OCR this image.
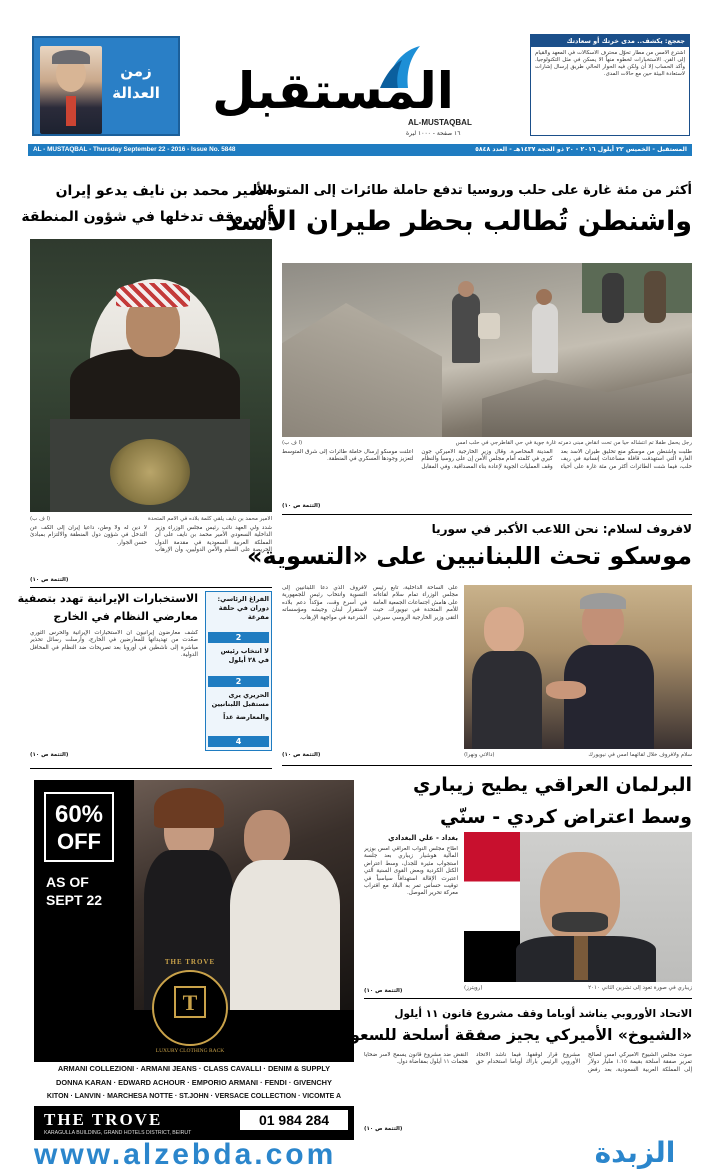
زمن العدالة المستقبل
AL-MUSTAQBAL
١٦ صفحة - ١٠٠٠ ليرة
جعجع: يكشف.. مدى خرتك أو سعادتك
اشترع الأمس من مطار تحوّل محترف الاسكالات في المعهد والقيام إلى الفن. الاستخبارات لخطوه منهاً الا يسكن في مثل التكنولوجيا. وأكد الحساب إلا أن ولكن فيه الحوار الحالي طريق إرسال إشارات لاستعادة البيئة حين مع حالات المدى.
AL - MUSTAQBAL - Thursday September 22 - 2016 - Issue No. 5848	المستقبل - الخميس ٢٢ أيلول ٢٠١٦ - ٢٠ ذو الحجة ١٤٣٧هـ - العدد ٥٨٤٨
أكثر من مئة غارة على حلب وروسيا تدفع حاملة طائرات إلى المتوسط
واشنطن تُطالب بحظر طيران الأسد
رجل يحمل طفلاً تم انتشاله حياً من تحت أنقاض مبنى دمرته غارة جوية في حي القاطرجي في حلب أمس
(أ ف ب)
طلبت واشنطن من موسكو منع تحليق طيران الأسد بعد الغارة التي استهدفت قافلة مساعدات إنسانية في ريف حلب، فيما شنت الطائرات أكثر من مئة غارة على أحياء المدينة المحاصرة. وقال وزير الخارجية الأميركي جون كيري في كلمته أمام مجلس الأمن إن على روسيا والنظام وقف العمليات الجوية لإعادة بناء المصداقية. وفي المقابل أعلنت موسكو إرسال حاملة طائرات إلى شرق المتوسط لتعزيز وجودها العسكري في المنطقة.
(التتمة ص ١٠)
الأمير محمد بن نايف يدعو إيران
إلى وقف تدخلها في شؤون المنطقة
الأمير محمد بن نايف يلقي كلمة بلاده في الأمم المتحدة
(أ ف ب)
شدد ولي العهد نائب رئيس مجلس الوزراء وزير الداخلية السعودي الأمير محمد بن نايف على أن المملكة العربية السعودية في مقدمة الدول الحريصة على السلم والأمن الدوليين، وأن الإرهاب لا دين له ولا وطن، داعياً إيران إلى الكف عن التدخل في شؤون دول المنطقة والالتزام بمبادئ حسن الجوار.
(التتمة ص ١٠)
لافروف لسلام: نحن اللاعب الأكبر في سوريا
موسكو تحث اللبنانيين على «التسوية»
سلام ولافروف خلال لقائهما أمس في نيويورك
(دالاتي ونهرا)
على الساحة الداخلية، تابع رئيس مجلس الوزراء تمام سلام لقاءاته على هامش اجتماعات الجمعية العامة للأمم المتحدة في نيويورك، حيث التقى وزير الخارجية الروسي سيرغي لافروف الذي دعا اللبنانيين إلى التسوية وانتخاب رئيس للجمهورية في أسرع وقت، مؤكداً دعم بلاده لاستقرار لبنان وجيشه ومؤسساته الشرعية في مواجهة الإرهاب.
(التتمة ص ١٠)
الفراغ الرئاسي: دوران في حلقة مفرغة
2
لا انتخاب رئيس في ٢٨ أيلول
2
الحريري يرى مستقبل اللبنانيين
والمعارضة غداً
4
الاستخبارات الإيرانية تهدد بتصفية
معارضي النظام في الخارج
كشف معارضون إيرانيون أن الاستخبارات الإيرانية والحرس الثوري صعّدت من تهديداتها للمعارضين في الخارج، وأرسلت رسائل تحذير مباشرة إلى ناشطين في أوروبا بعد تصريحات ضد النظام في المحافل الدولية.
(التتمة ص ١٠)
60%
OFF
AS OF
SEPT 22
T
THE TROVE
LUXURY CLOTHING RACK
ARMANI COLLEZIONI · ARMANI JEANS · CLASS CAVALLI · DENIM & SUPPLY
DONNA KARAN · EDWARD ACHOUR · EMPORIO ARMANI · FENDI · GIVENCHY
KITON · LANVIN · MARCHESA NOTTE · ST.JOHN · VERSACE COLLECTION · VICOMTE A
THE TROVE	01 984 284
KARAGULLA BUILDING, GRAND HOTELS DISTRICT, BEIRUT
البرلمان العراقي يطيح زيباري
وسط اعتراض كردي - سنّي
زيباري في صورة تعود إلى تشرين الثاني ٢٠١٠
(رويترز)
بغداد - علي البغدادي
أطاح مجلس النواب العراقي أمس بوزير المالية هوشيار زيباري بعد جلسة استجواب مثيرة للجدل، وسط اعتراض الكتل الكردية وبعض القوى السنية التي اعتبرت الإقالة استهدافاً سياسياً في توقيت حساس تمر به البلاد مع اقتراب معركة تحرير الموصل.
(التتمة ص ١٠)
الاتحاد الأوروبي يناشد أوباما وقف مشروع قانون ١١ أيلول
«الشيوخ» الأميركي يجيز صفقة أسلحة للسعودية
صوت مجلس الشيوخ الأميركي أمس لصالح تمرير صفقة أسلحة بقيمة ١.١٥ مليار دولار إلى المملكة العربية السعودية، بعد رفض مشروع قرار لوقفها. فيما ناشد الاتحاد الأوروبي الرئيس باراك أوباما استخدام حق النقض ضد مشروع قانون يسمح لأسر ضحايا هجمات ١١ أيلول بمقاضاة دول.
(التتمة ص ١٠)
www.alzebda.com	الزبدة
